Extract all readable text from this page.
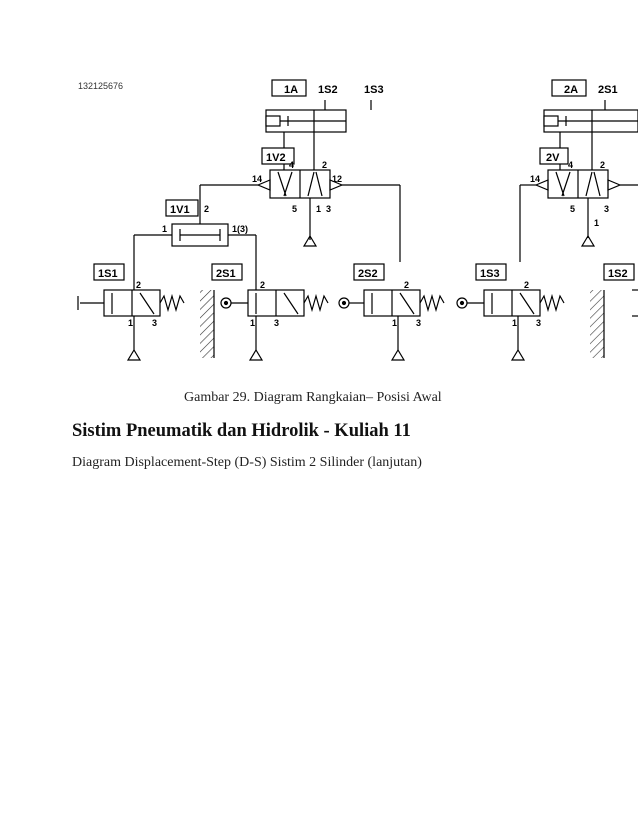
132125676	1A 1S2 1S3
1V2
14	12
4	2
5	3
1
1V1 2
1	1(3)
1S1
2
1 3
2S1
2
1 3
2S2
2
1 3
2A 2S1
2V
14
4	2
5	3
1
1S3
2
1 3
1S2
Gambar 29. Diagram Rangkaian– Posisi Awal
Sistim Pneumatik dan Hidrolik - Kuliah 11
Diagram Displacement-Step (D-S) Sistim 2 Silinder (lanjutan)
